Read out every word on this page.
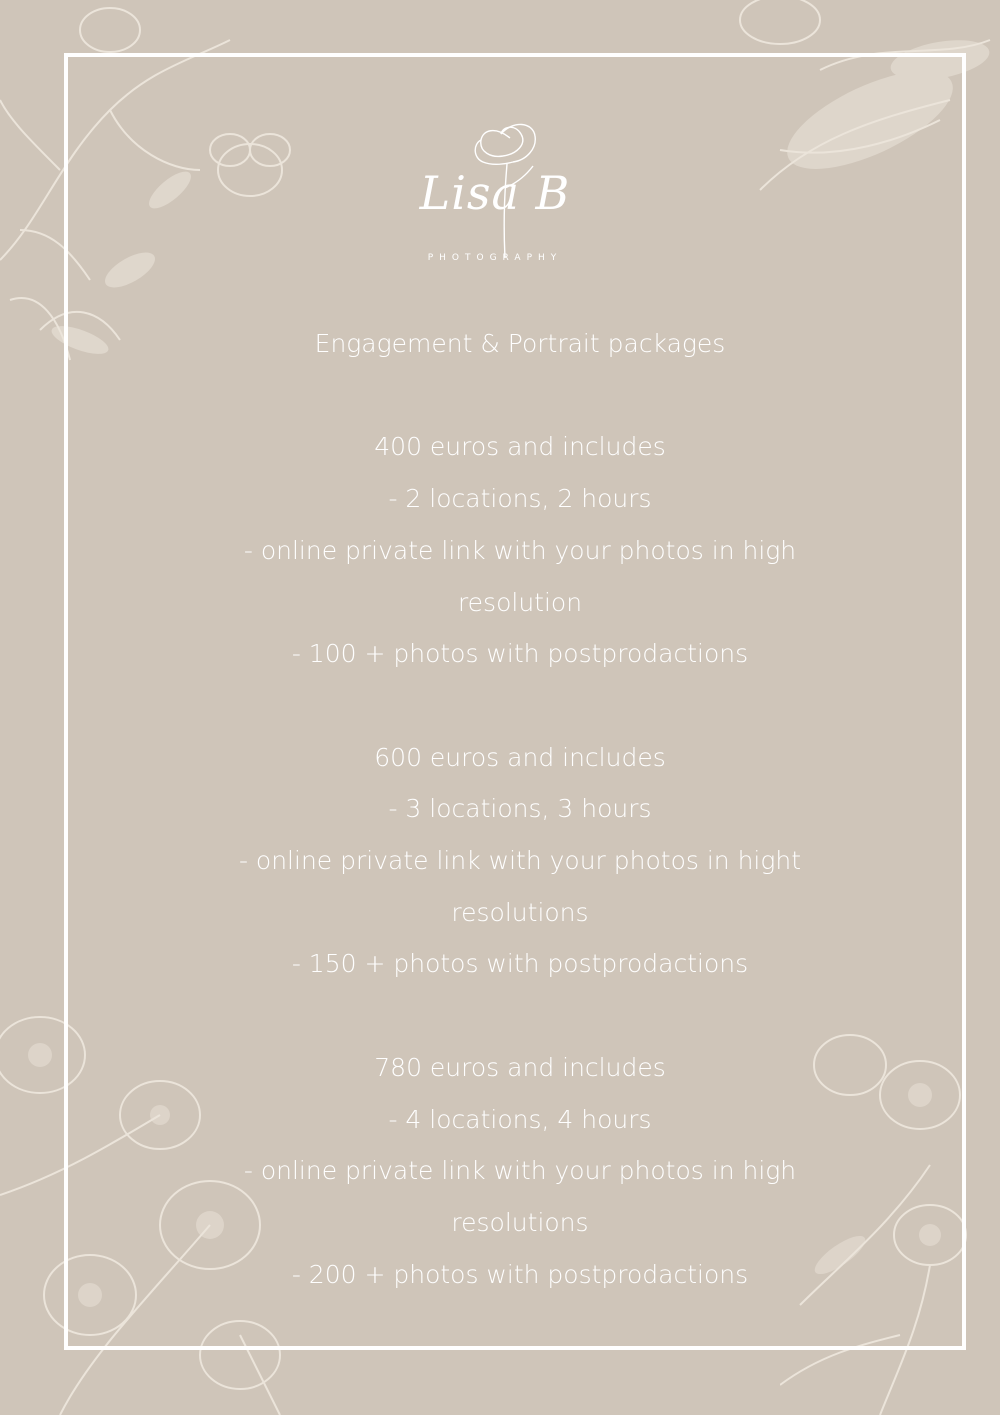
Lisa B
PHOTOGRAPHY
Engagement & Portrait packages
400 euros and includes
- 2 locations, 2 hours
- online private link with your photos in high
resolution
- 100 + photos with postprodactions
600 euros and includes
- 3 locations, 3 hours
- online private link with your photos in hight
resolutions
- 150 + photos with postprodactions
780 euros and includes
- 4 locations, 4 hours
- online private link with your photos in high
resolutions
- 200 + photos with postprodactions
